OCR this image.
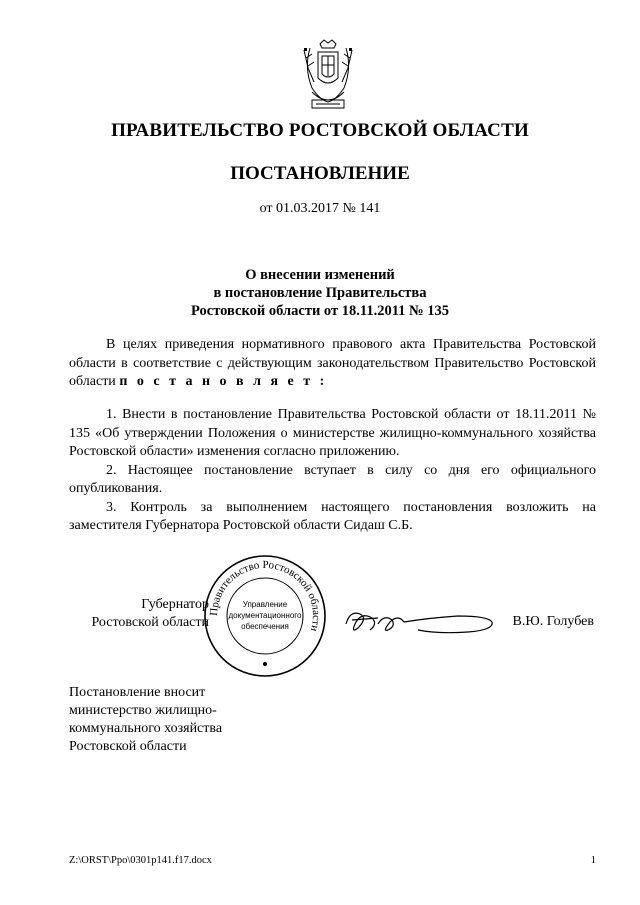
ПРАВИТЕЛЬСТВО РОСТОВСКОЙ ОБЛАСТИ
ПОСТАНОВЛЕНИЕ
от 01.03.2017 № 141
О внесении изменений
в постановление Правительства
Ростовской области от 18.11.2011 № 135

В целях приведения нормативного правового акта Правительства Ростовской области в соответствие с действующим законодательством Правительство Ростовской области п о с т а н о в л я е т :

1. Внести в постановление Правительства Ростовской области от 18.11.2011 № 135 «Об утверждении Положения о министерстве жилищно-коммунального хозяйства Ростовской области» изменения согласно приложению.

2. Настоящее постановление вступает в силу со дня его официального опубликования.

3. Контроль за выполнением настоящего постановления возложить на заместителя Губернатора Ростовской области Сидаш С.Б.

Губернатор
Ростовской области
Правительство Ростовской области
Управление
документационного
обеспечения	В.Ю. Голубев
Постановление вносит
министерство жилищно-
коммунального хозяйства
Ростовской области
Z:\ORST\Ppo\0301p141.f17.docx	1
